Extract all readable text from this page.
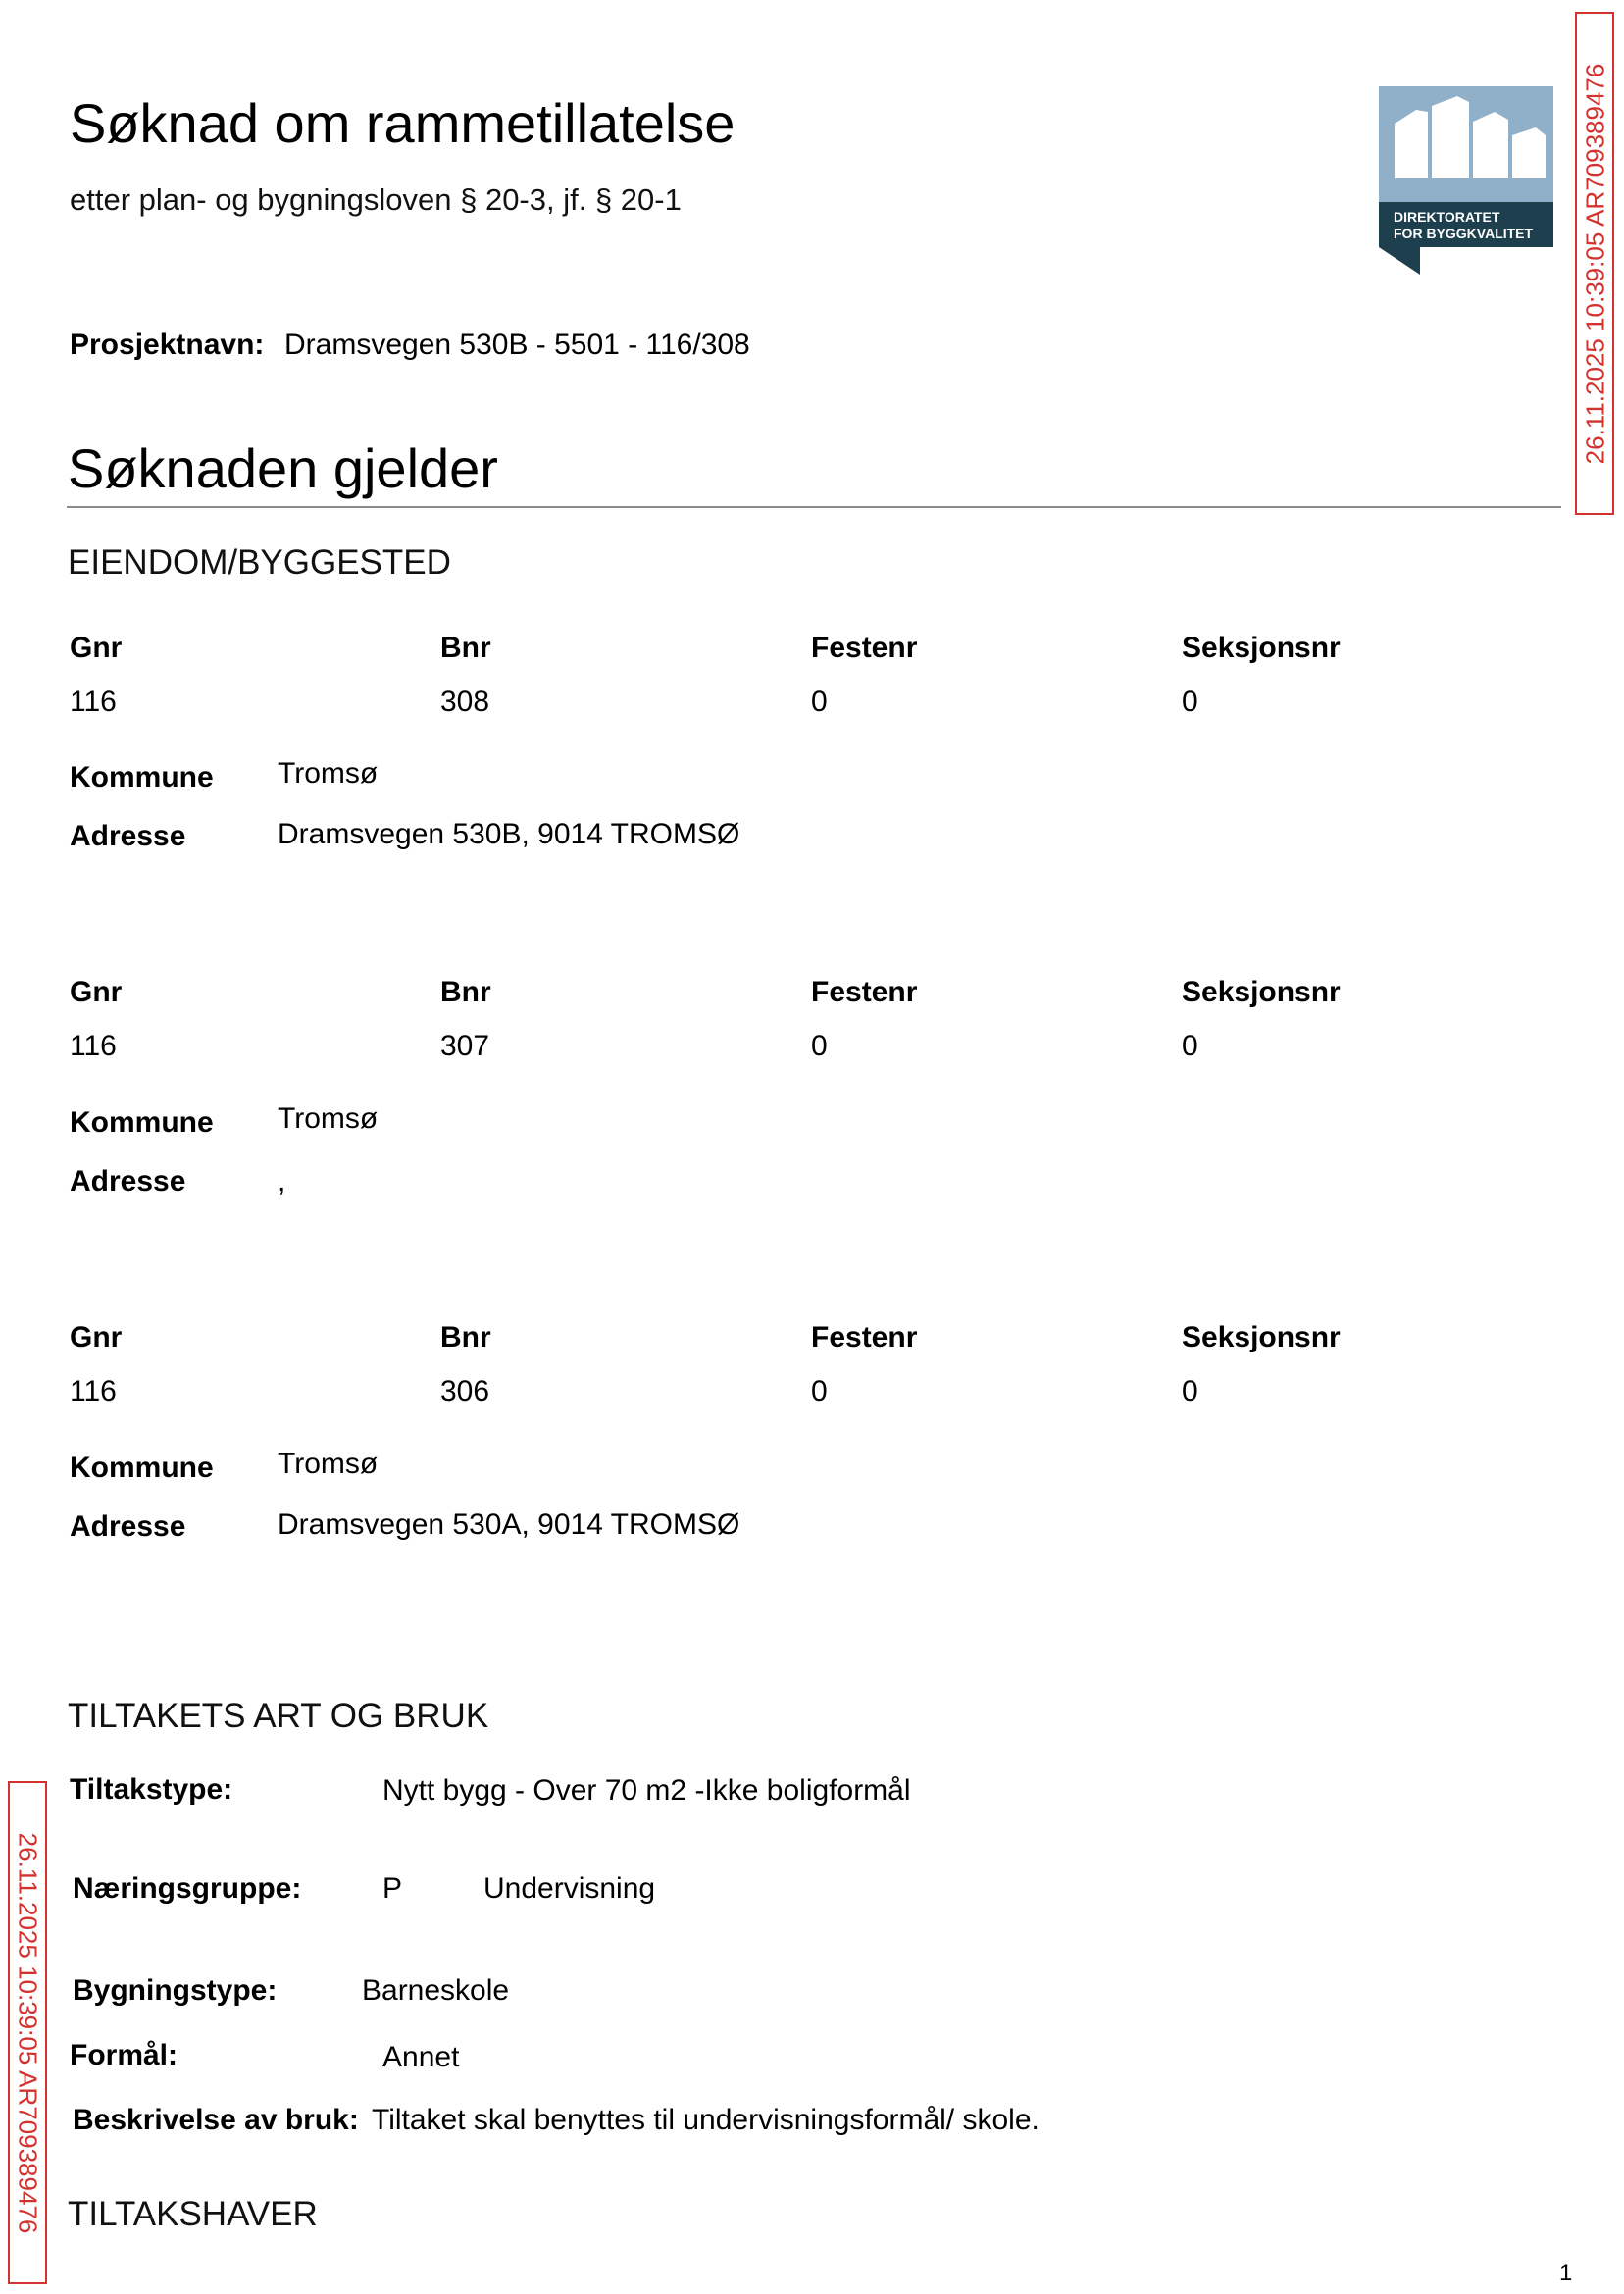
Søknad om rammetillatelse
etter plan- og bygningsloven § 20-3, jf. § 20-1	DIREKTORATET
FOR BYGGKVALITET 26.11.2025 10:39:05 AR709389476
26.11.2025 10:39:05 AR709389476
Prosjektnavn: Dramsvegen 530B - 5501 - 116/308
Søknaden gjelder
EIENDOM/BYGGESTED
Gnr	Bnr	Festenr	Seksjonsnr
116	308	0	0
Kommune Tromsø
Adresse	Dramsvegen 530B, 9014 TROMSØ
Gnr	Bnr	Festenr	Seksjonsnr
116	307	0	0
Kommune Tromsø
Adresse	,
Gnr	Bnr	Festenr	Seksjonsnr
116	306	0	0
Kommune Tromsø
Adresse	Dramsvegen 530A, 9014 TROMSØ
TILTAKETS ART OG BRUK
Tiltakstype:	Nytt bygg - Over 70 m2 -Ikke boligformål
Næringsgruppe:	P	Undervisning
Bygningstype:	Barneskole
Formål:	Annet
Beskrivelse av bruk: Tiltaket skal benyttes til undervisningsformål/ skole.
TILTAKSHAVER
1
